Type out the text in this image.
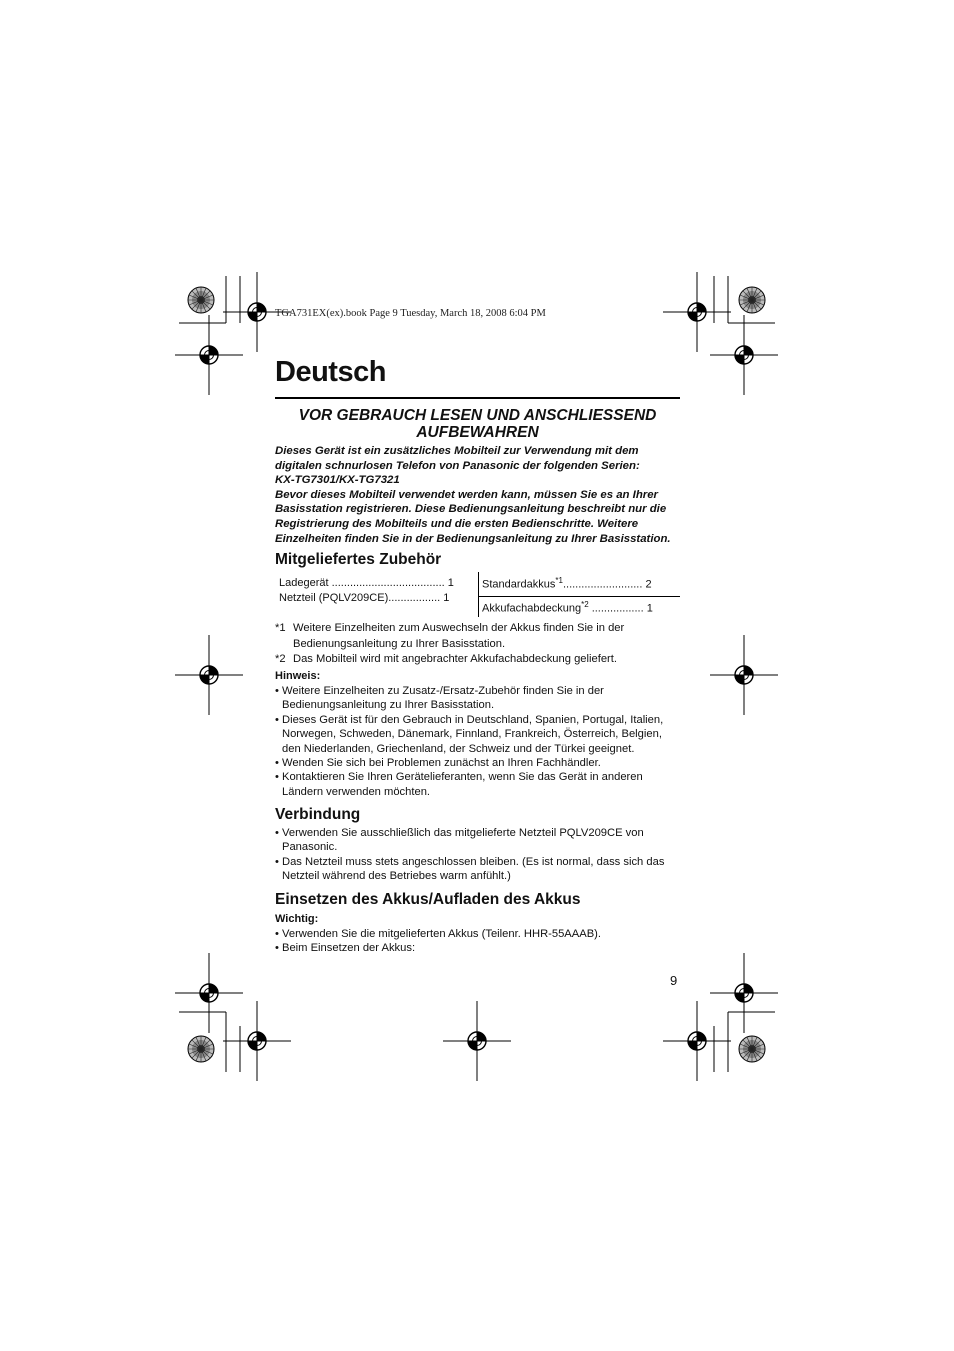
TGA731EX(ex).book Page 9 Tuesday, March 18, 2008 6:04 PM
Deutsch
VOR GEBRAUCH LESEN UND ANSCHLIESSEND AUFBEWAHREN
Dieses Gerät ist ein zusätzliches Mobilteil zur Verwendung mit dem
digitalen schnurlosen Telefon von Panasonic der folgenden Serien:
KX-TG7301/KX-TG7321
Bevor dieses Mobilteil verwendet werden kann, müssen Sie es an Ihrer
Basisstation registrieren. Diese Bedienungsanleitung beschreibt nur die
Registrierung des Mobilteils und die ersten Bedienschritte. Weitere
Einzelheiten finden Sie in der Bedienungsanleitung zu Ihrer Basisstation.
Mitgeliefertes Zubehör
Ladegerät ..................................... 1
Netzteil (PQLV209CE)................. 1
Standardakkus$^{*1}$.......................... 2
Akkufachabdeckung$^{*2}$ ................. 1
*1 Weitere Einzelheiten zum Auswechseln der Akkus finden Sie in der
Bedienungsanleitung zu Ihrer Basisstation.
*2 Das Mobilteil wird mit angebrachter Akkufachabdeckung geliefert.
Hinweis:
• Weitere Einzelheiten zu Zusatz-/Ersatz-Zubehör finden Sie in der
Bedienungsanleitung zu Ihrer Basisstation.
• Dieses Gerät ist für den Gebrauch in Deutschland, Spanien, Portugal, Italien,
Norwegen, Schweden, Dänemark, Finnland, Frankreich, Österreich, Belgien,
den Niederlanden, Griechenland, der Schweiz und der Türkei geeignet.
• Wenden Sie sich bei Problemen zunächst an Ihren Fachhändler.
• Kontaktieren Sie Ihren Gerätelieferanten, wenn Sie das Gerät in anderen
Ländern verwenden möchten.
Verbindung
• Verwenden Sie ausschließlich das mitgelieferte Netzteil PQLV209CE von
Panasonic.
• Das Netzteil muss stets angeschlossen bleiben. (Es ist normal, dass sich das
Netzteil während des Betriebes warm anfühlt.)
Einsetzen des Akkus/Aufladen des Akkus
Wichtig:
• Verwenden Sie die mitgelieferten Akkus (Teilenr. HHR-55AAAB).
• Beim Einsetzen der Akkus:
9
